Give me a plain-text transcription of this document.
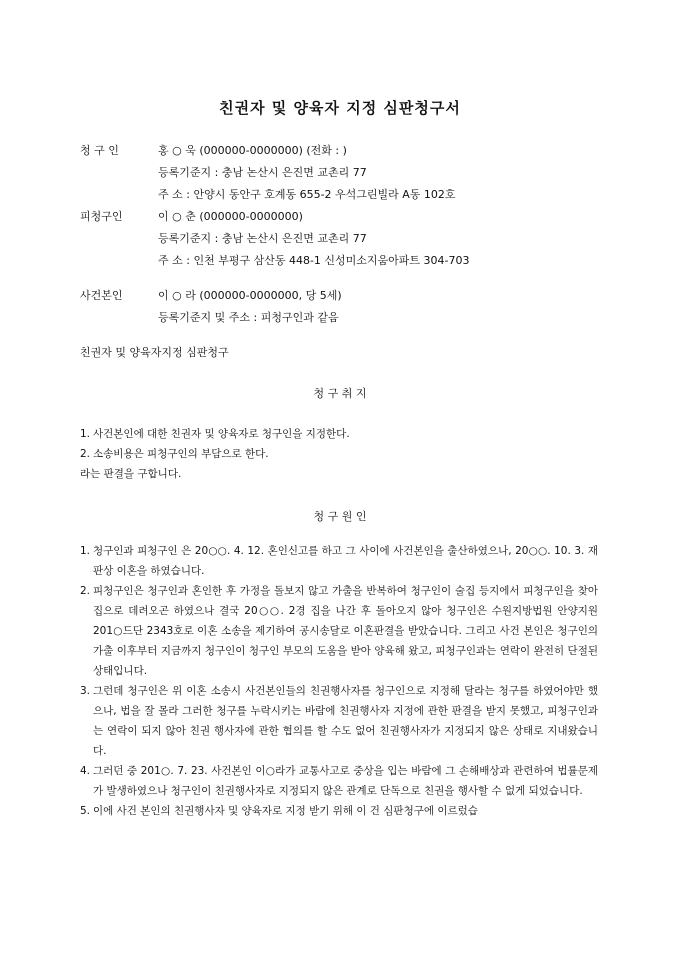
친권자 및 양육자 지정 심판청구서
청 구 인	홍 ○ 욱 (000000-0000000) (전화 : )
등록기준지 : 충남 논산시 은진면 교촌리 77
주 소 : 안양시 동안구 호계동 655-2 우석그린빌라 A동 102호
피청구인	이 ○ 춘 (000000-0000000)
등록기준지 : 충남 논산시 은진면 교촌리 77
주 소 : 인천 부평구 삼산동 448-1 신성미소지움아파트 304-703
사건본인	이 ○ 라 (000000-0000000, 당 5세)
등록기준지 및 주소 : 피청구인과 같음
친권자 및 양육자지정 심판청구
청 구 취 지
1. 사건본인에 대한 친권자 및 양육자로 청구인을 지정한다.
2. 소송비용은 피청구인의 부담으로 한다.
라는 판결을 구합니다.
청 구 원 인
1. 청구인과 피청구인 은 20○○. 4. 12. 혼인신고를 하고 그 사이에 사건본인을 출산하였으나, 20○○. 10. 3. 재판상 이혼을 하였습니다.
2. 피청구인은 청구인과 혼인한 후 가정을 돌보지 않고 가출을 반복하여 청구인이 술집 등지에서 피청구인을 찾아 집으로 데려오곤 하였으나 결국 20○○. 2경 집을 나간 후 돌아오지 않아 청구인은 수원지방법원 안양지원 201○드단 2343호로 이혼 소송을 제기하여 공시송달로 이혼판결을 받았습니다. 그리고 사건 본인은 청구인의 가출 이후부터 지금까지 청구인이 청구인 부모의 도움을 받아 양육해 왔고, 피청구인과는 연락이 완전히 단절된 상태입니다.
3. 그런데 청구인은 위 이혼 소송시 사건본인들의 친권행사자를 청구인으로 지정해 달라는 청구를 하였어야만 했으나, 법을 잘 몰라 그러한 청구를 누락시키는 바람에 친권행사자 지정에 관한 판결을 받지 못했고, 피청구인과는 연락이 되지 않아 친권 행사자에 관한 협의를 할 수도 없어 친권행사자가 지정되지 않은 상태로 지내왔습니다.
4. 그러던 중 201○. 7. 23. 사건본인 이○라가 교통사고로 중상을 입는 바람에 그 손해배상과 관련하여 법률문제가 발생하였으나 청구인이 친권행사자로 지정되지 않은 관계로 단독으로 친권을 행사할 수 없게 되었습니다.
5. 이에 사건 본인의 친권행사자 및 양육자로 지정 받기 위해 이 건 심판청구에 이르렀습
